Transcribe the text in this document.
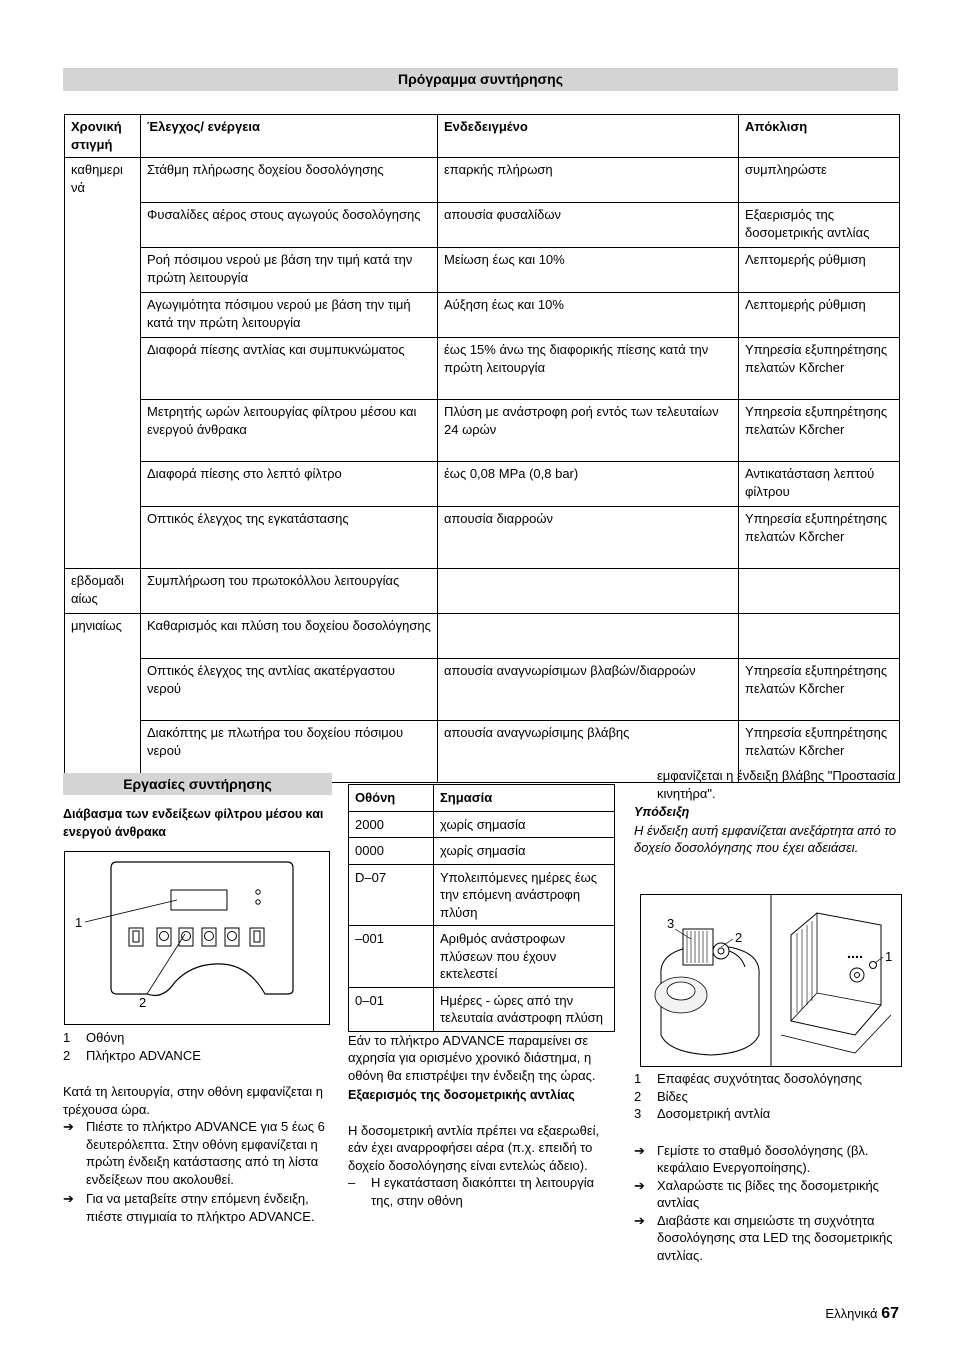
Πρόγραμμα συντήρησης
Χρονική στιγμή	Έλεγχος/ ενέργεια	Ενδεδειγμένο	Απόκλιση
καθημερι νά	Στάθμη πλήρωσης δοχείου δοσολόγησης	επαρκής πλήρωση	συμπληρώστε
	Φυσαλίδες αέρος στους αγωγούς δοσολόγησης	απουσία φυσαλίδων	Εξαερισμός της δοσομετρικής αντλίας
	Ροή πόσιμου νερού με βάση την τιμή κατά την πρώτη λειτουργία	Μείωση έως και 10%	Λεπτομερής ρύθμιση
	Αγωγιμότητα πόσιμου νερού με βάση την τιμή κατά την πρώτη λειτουργία	Αύξηση έως και 10%	Λεπτομερής ρύθμιση
	Διαφορά πίεσης αντλίας και συμπυκνώματος	έως 15% άνω της διαφορικής πίεσης κατά την πρώτη λειτουργία	Υπηρεσία εξυπηρέτησης πελατών Kδrcher
	Μετρητής ωρών λειτουργίας φίλτρου μέσου και ενεργού άνθρακα	Πλύση με ανάστροφη ροή εντός των τελευταίων 24 ωρών	Υπηρεσία εξυπηρέτησης πελατών Kδrcher
	Διαφορά πίεσης στο λεπτό φίλτρο	έως 0,08 MPa (0,8 bar)	Αντικατάσταση λεπτού φίλτρου
	Οπτικός έλεγχος της εγκατάστασης	απουσία διαρροών	Υπηρεσία εξυπηρέτησης πελατών Kδrcher
εβδομαδι αίως	Συμπλήρωση του πρωτοκόλλου λειτουργίας		
μηνιαίως	Καθαρισμός και πλύση του δοχείου δοσολόγησης		
	Οπτικός έλεγχος της αντλίας ακατέργαστου νερού	απουσία αναγνωρίσιμων βλαβών/διαρροών	Υπηρεσία εξυπηρέτησης πελατών Kδrcher
	Διακόπτης με πλωτήρα του δοχείου πόσιμου νερού	απουσία αναγνωρίσιμης βλάβης	Υπηρεσία εξυπηρέτησης πελατών Kδrcher
Εργασίες συντήρησης
Διάβασμα των ενδείξεων φίλτρου μέσου και ενεργού άνθρακα
1
2
1 Οθόνη
2 Πλήκτρο ADVANCE
Κατά τη λειτουργία, στην οθόνη εμφανίζεται η τρέχουσα ώρα.
➔ Πιέστε το πλήκτρο ADVANCE για 5 έως 6 δευτερόλεπτα. Στην οθόνη εμφανίζεται η πρώτη ένδειξη κατάστασης από τη λίστα ενδείξεων που ακολουθεί.
➔ Για να μεταβείτε στην επόμενη ένδειξη, πιέστε στιγμιαία το πλήκτρο ADVANCE.
Οθόνη	Σημασία
2000	χωρίς σημασία
0000	χωρίς σημασία
D–07	Υπολειπόμενες ημέρες έως την επόμενη ανάστροφη πλύση
–001	Αριθμός ανάστροφων πλύσεων που έχουν εκτελεστεί
0–01	Ημέρες - ώρες από την τελευταία ανάστροφη πλύση
Εάν το πλήκτρο ADVANCE παραμείνει σε αχρησία για ορισμένο χρονικό διάστημα, η οθόνη θα επιστρέψει την ένδειξη της ώρας.
Εξαερισμός της δοσομετρικής αντλίας
Η δοσομετρική αντλία πρέπει να εξαερωθεί, εάν έχει αναρροφήσει αέρα (π.χ. επειδή το δοχείο δοσολόγησης είναι εντελώς άδειο).
– Η εγκατάσταση διακόπτει τη λειτουργία της, στην οθόνη
εμφανίζεται η ένδειξη βλάβης "Προστασία κινητήρα".
Υπόδειξη
Η ένδειξη αυτή εμφανίζεται ανεξάρτητα από το δοχείο δοσολόγησης που έχει αδειάσει.
3
2
1
1 Επαφέας συχνότητας δοσολόγησης
2 Βίδες
3 Δοσομετρική αντλία
➔ Γεμίστε το σταθμό δοσολόγησης (βλ. κεφάλαιο Ενεργοποίησης).
➔ Χαλαρώστε τις βίδες της δοσομετρικής αντλίας
➔ Διαβάστε και σημειώστε τη συχνότητα δοσολόγησης στα LED της δοσομετρικής αντλίας.
Ελληνικά 67
